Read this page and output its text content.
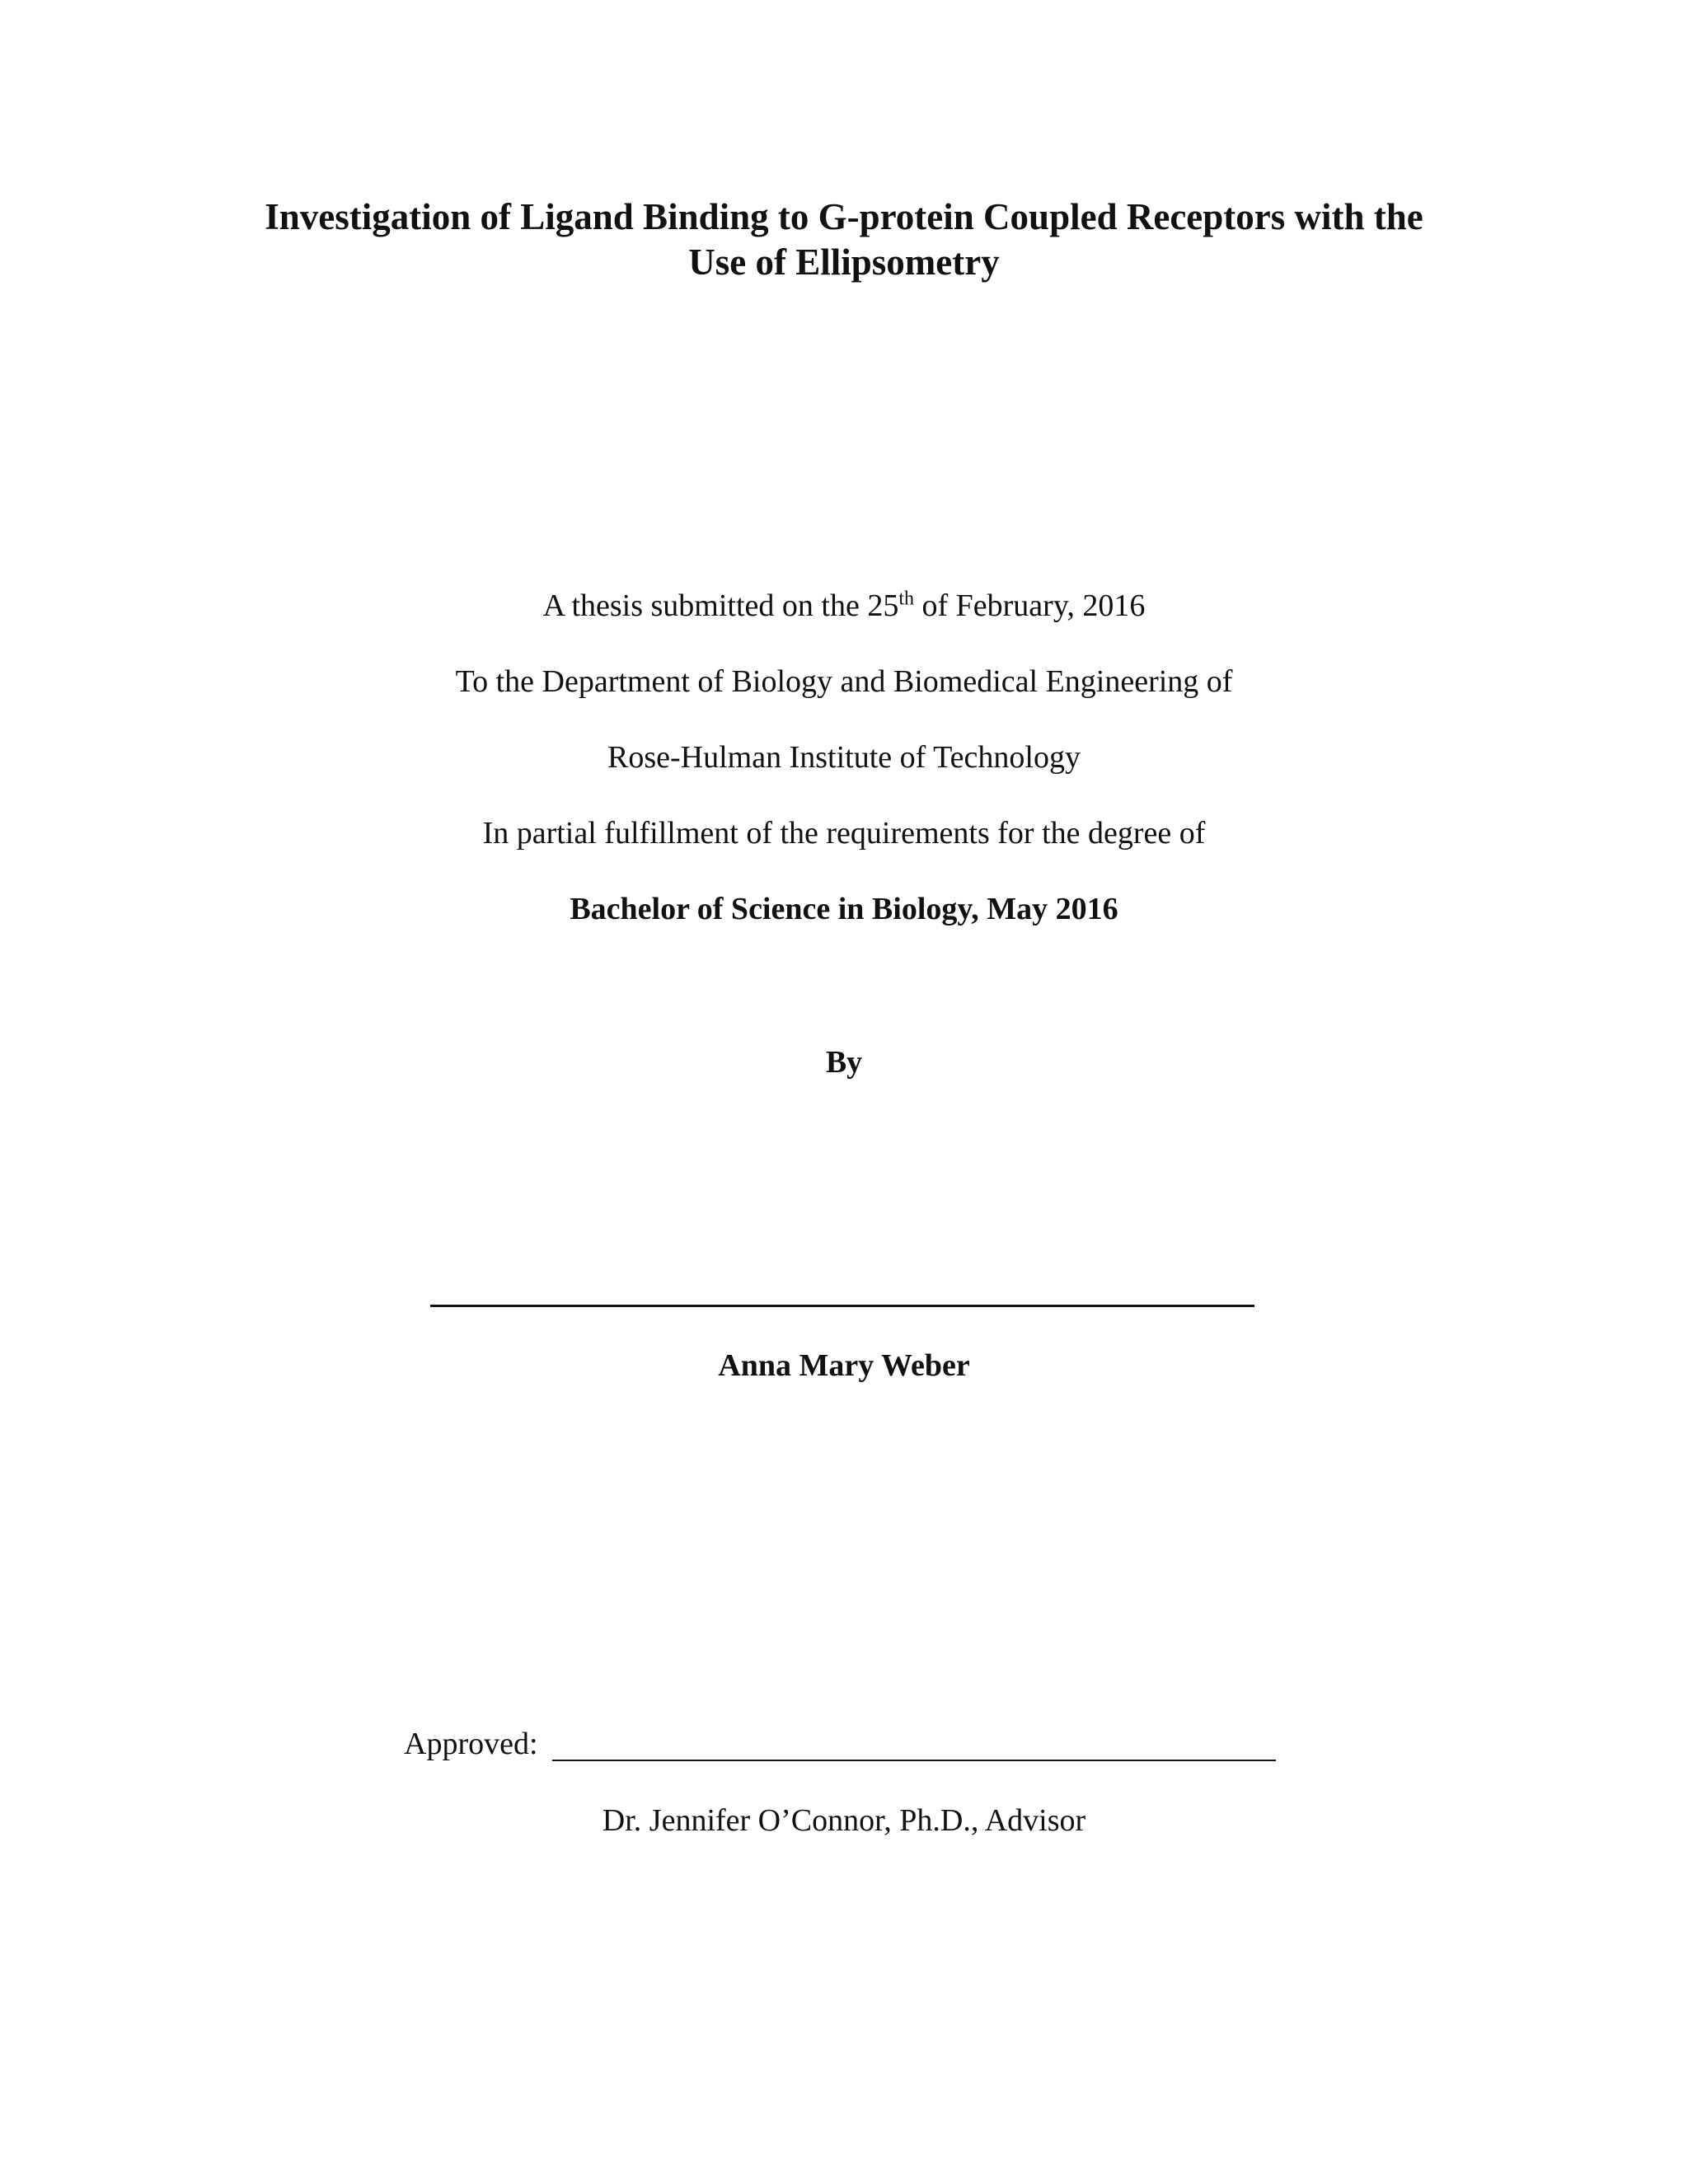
Investigation of Ligand Binding to G-protein Coupled Receptors with the
Use of Ellipsometry
A thesis submitted on the 25th of February, 2016
To the Department of Biology and Biomedical Engineering of
Rose-Hulman Institute of Technology
In partial fulfillment of the requirements for the degree of
Bachelor of Science in Biology, May 2016
By
Anna Mary Weber
Approved:
Dr. Jennifer O’Connor, Ph.D., Advisor
